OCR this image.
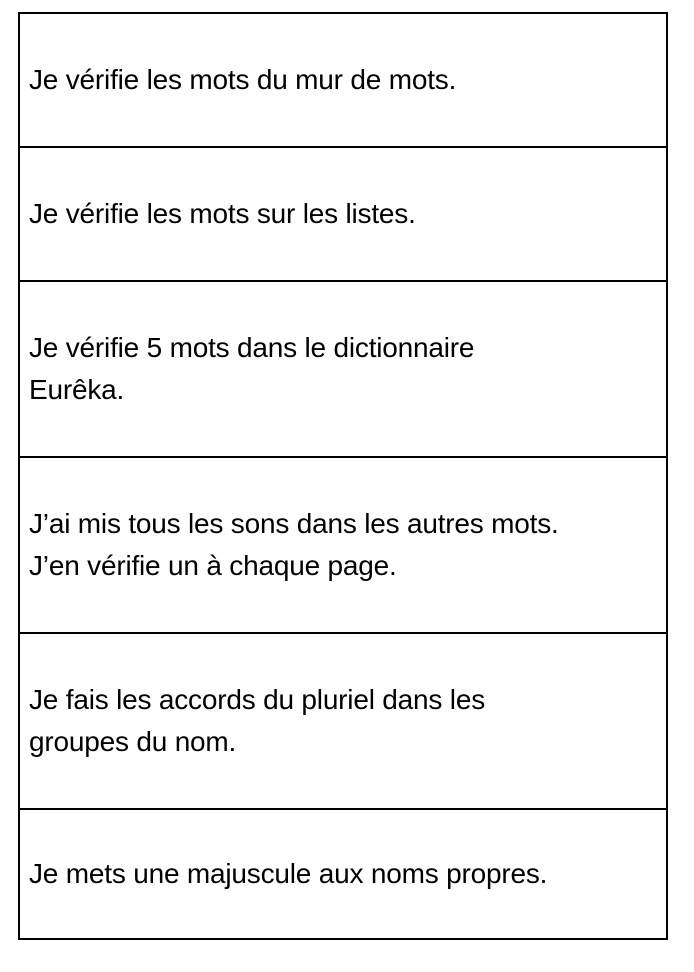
Je vérifie les mots du mur de mots.
Je vérifie les mots sur les listes.
Je vérifie 5 mots dans le dictionnaire
Eurêka.
J’ai mis tous les sons dans les autres mots.
J’en vérifie un à chaque page.
Je fais les accords du pluriel dans les
groupes du nom.
Je mets une majuscule aux noms propres.
